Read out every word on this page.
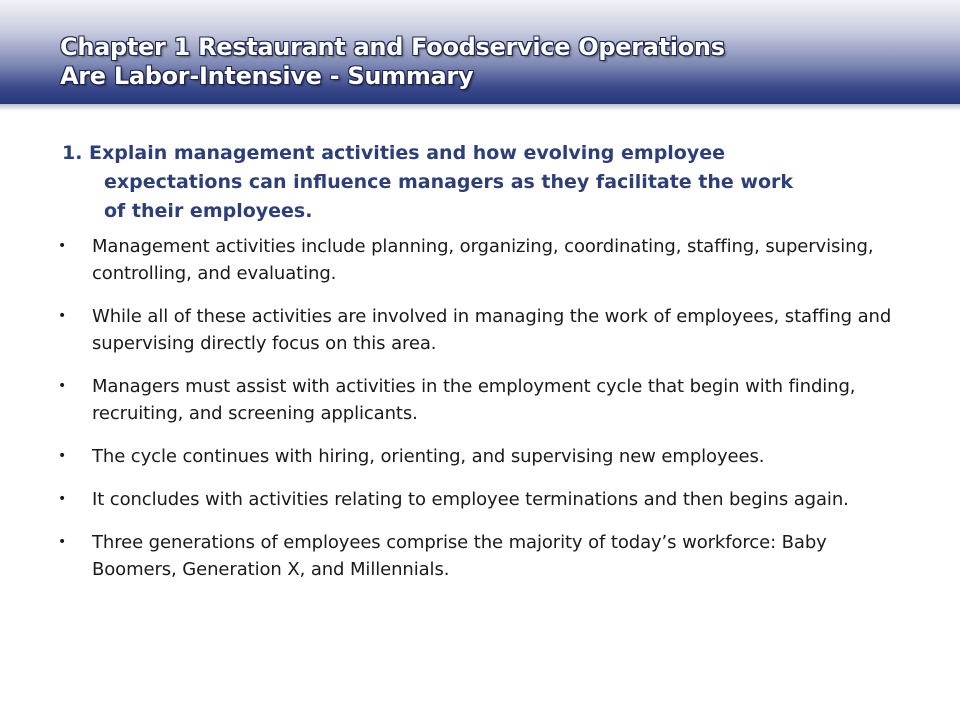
Chapter 1 Restaurant and Foodservice Operations
Are Labor-Intensive - Summary
1. Explain management activities and how evolving employee
expectations can influence managers as they facilitate the work
of their employees.
• Management activities include planning, organizing, coordinating, staffing, supervising, controlling, and evaluating.
• While all of these activities are involved in managing the work of employees, staffing and supervising directly focus on this area.
• Managers must assist with activities in the employment cycle that begin with finding, recruiting, and screening applicants.
• The cycle continues with hiring, orienting, and supervising new employees.
• It concludes with activities relating to employee terminations and then begins again.
• Three generations of employees comprise the majority of today’s workforce: Baby Boomers, Generation X, and Millennials.
